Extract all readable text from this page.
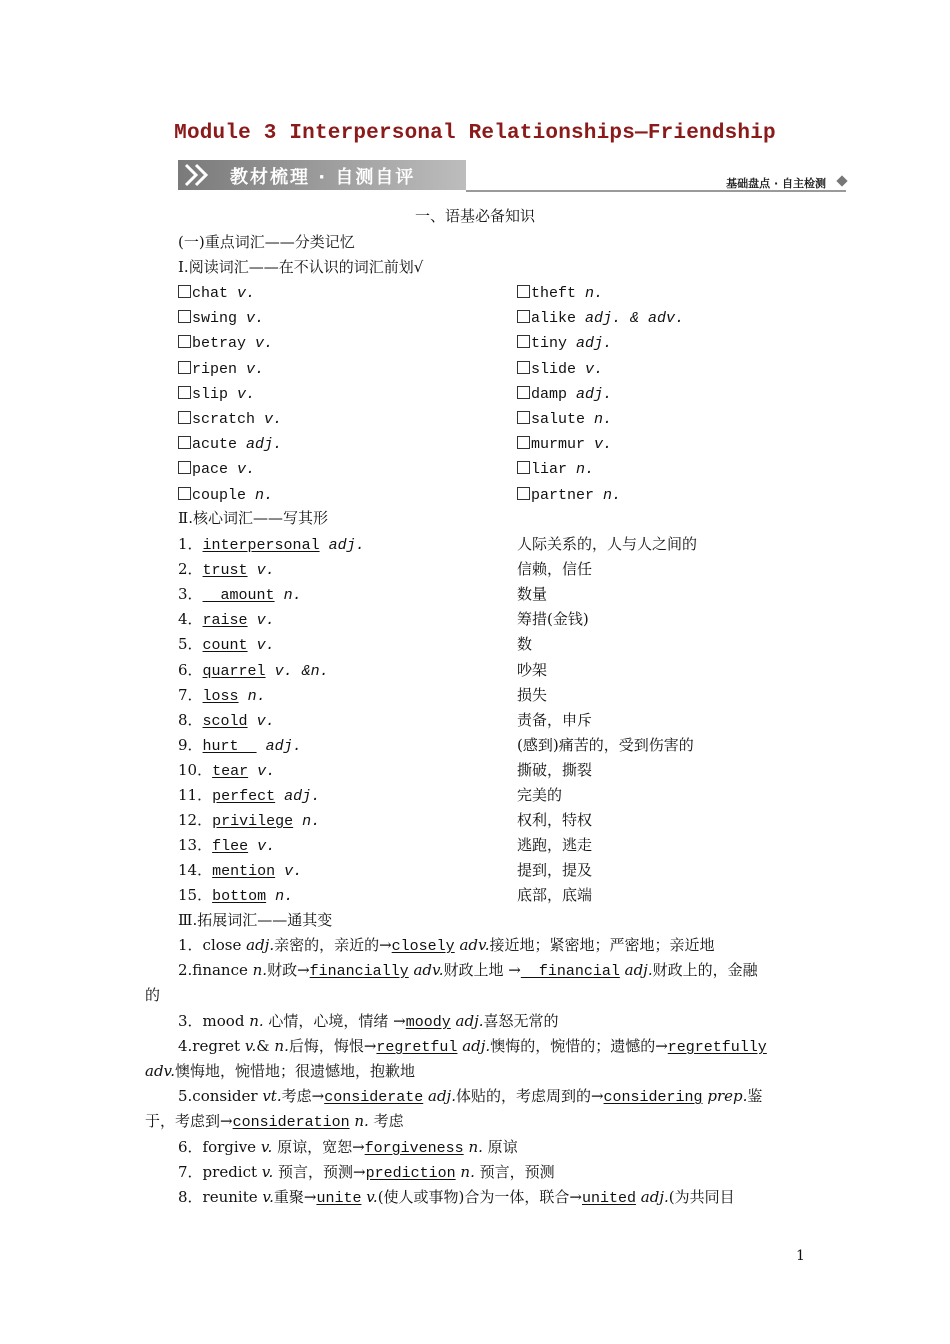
Module 3 Interpersonal Relationships—Friendship
教材梳理 · 自测自评	基础盘点 · 自主检测
一、语基必备知识
(一)重点词汇——分类记忆
Ⅰ.阅读词汇——在不认识的词汇前划√
chat v.	theft n.
swing v.	alike adj. & adv.
betray v.	tiny adj.
ripen v.	slide v.
slip v.	damp adj.
scratch v.	salute n.
acute adj.	murmur v.
pace v.	liar n.
couple n.	partner n.
Ⅱ.核心词汇——写其形
1．interpersonal adj.	人际关系的，人与人之间的
2．trust v.	信赖，信任
3．  amount n.	数量
4．raise v.	筹措(金钱)
5．count v.	数
6．quarrel v. &n.	吵架
7．loss n.	损失
8．scold v.	责备，申斥
9．hurt  adj.	(感到)痛苦的，受到伤害的
10．tear v.	撕破，撕裂
11．perfect adj.	完美的
12．privilege n.	权利，特权
13．flee v.	逃跑，逃走
14．mention v.	提到，提及
15．bottom n.	底部，底端
Ⅲ.拓展词汇——通其变
1．close adj.亲密的，亲近的→closely adv.接近地；紧密地；严密地；亲近地
2.finance n.财政→financially adv.财政上地 →  financial adj.财政上的，金融
的
3．mood n. 心情，心境，情绪 →moody adj.喜怒无常的
4.regret v.& n.后悔，悔恨→regretful adj.懊悔的，惋惜的；遗憾的→regretfully
adv.懊悔地，惋惜地；很遗憾地，抱歉地
5.consider vt.考虑→considerate adj.体贴的，考虑周到的→considering prep.鉴
于，考虑到→consideration n. 考虑
6．forgive v. 原谅，宽恕→forgiveness n. 原谅
7．predict v. 预言，预测→prediction n. 预言，预测
8．reunite v.重聚→unite v.(使人或事物)合为一体，联合→united adj.(为共同目
1
